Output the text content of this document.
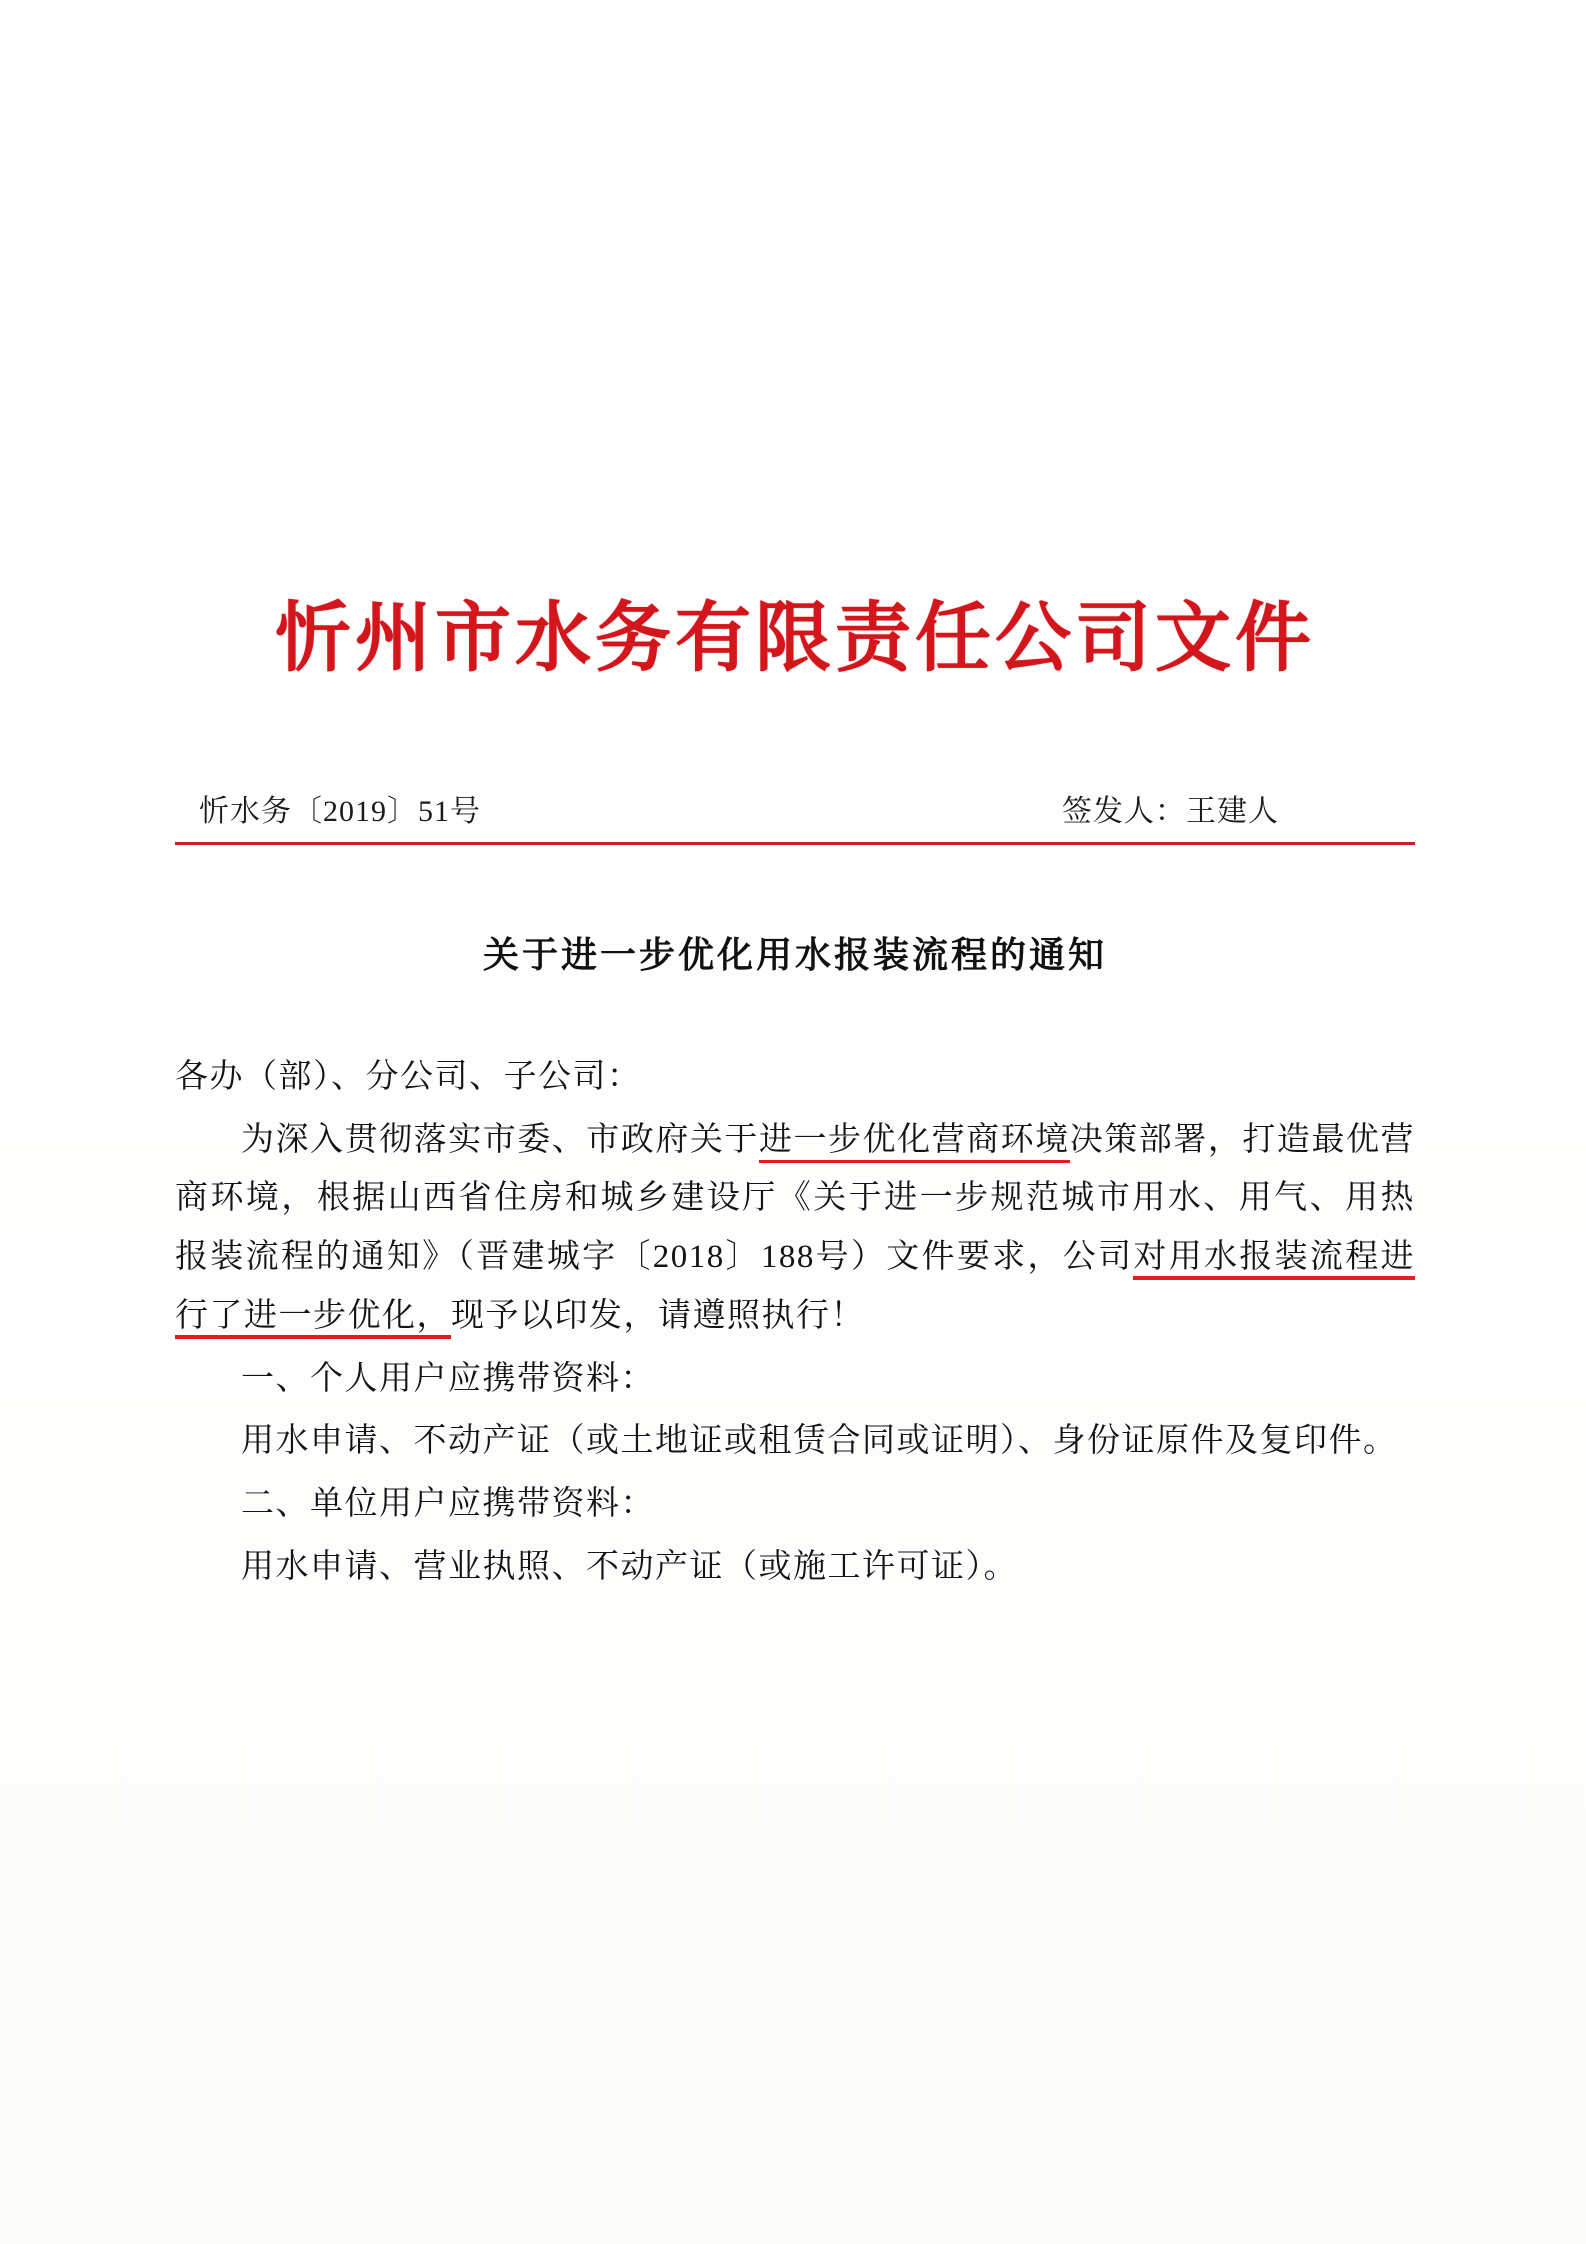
忻州市水务有限责任公司文件
忻水务〔2019〕51号	签发人：王建人
关于进一步优化用水报装流程的通知

各办（部）、分公司、子公司：

为深入贯彻落实市委、市政府关于进一步优化营商环境决策部署，打造最优营商环境，根据山西省住房和城乡建设厅《关于进一步规范城市用水、用气、用热报装流程的通知》（晋建城字〔2018〕188号）文件要求，公司对用水报装流程进行了进一步优化，现予以印发，请遵照执行！

一、个人用户应携带资料：

用水申请、不动产证（或土地证或租赁合同或证明）、身份证原件及复印件。

二、单位用户应携带资料：

用水申请、营业执照、不动产证（或施工许可证）。
